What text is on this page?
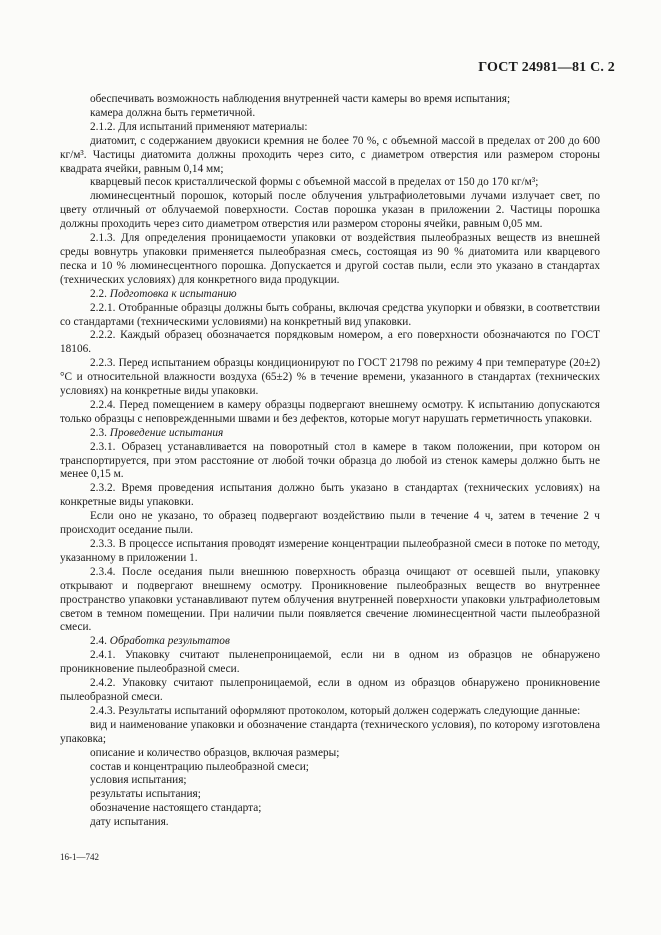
ГОСТ 24981—81 С. 2

обеспечивать возможность наблюдения внутренней части камеры во время испытания;

камера должна быть герметичной.

2.1.2. Для испытаний применяют материалы:

диатомит, с содержанием двуокиси кремния не более 70 %, с объемной массой в пределах от 200 до 600 кг/м³. Частицы диатомита должны проходить через сито, с диаметром отверстия или размером стороны квадрата ячейки, равным 0,14 мм;

кварцевый песок кристаллической формы с объемной массой в пределах от 150 до 170 кг/м³;

люминесцентный порошок, который после облучения ультрафиолетовыми лучами излучает свет, по цвету отличный от облучаемой поверхности. Состав порошка указан в приложении 2. Частицы порошка должны проходить через сито диаметром отверстия или размером стороны ячейки, равным 0,05 мм.

2.1.3. Для определения проницаемости упаковки от воздействия пылеобразных веществ из внешней среды вовнутрь упаковки применяется пылеобразная смесь, состоящая из 90 % диатомита или кварцевого песка и 10 % люминесцентного порошка. Допускается и другой состав пыли, если это указано в стандартах (технических условиях) для конкретного вида продукции.

2.2. Подготовка к испытанию

2.2.1. Отобранные образцы должны быть собраны, включая средства укупорки и обвязки, в соответствии со стандартами (техническими условиями) на конкретный вид упаковки.

2.2.2. Каждый образец обозначается порядковым номером, а его поверхности обозначаются по ГОСТ 18106.

2.2.3. Перед испытанием образцы кондиционируют по ГОСТ 21798 по режиму 4 при температуре (20±2) °С и относительной влажности воздуха (65±2) % в течение времени, указанного в стандартах (технических условиях) на конкретные виды упаковки.

2.2.4. Перед помещением в камеру образцы подвергают внешнему осмотру. К испытанию допускаются только образцы с неповрежденными швами и без дефектов, которые могут нарушать герметичность упаковки.

2.3. Проведение испытания

2.3.1. Образец устанавливается на поворотный стол в камере в таком положении, при котором он транспортируется, при этом расстояние от любой точки образца до любой из стенок камеры должно быть не менее 0,15 м.

2.3.2. Время проведения испытания должно быть указано в стандартах (технических условиях) на конкретные виды упаковки.

Если оно не указано, то образец подвергают воздействию пыли в течение 4 ч, затем в течение 2 ч происходит оседание пыли.

2.3.3. В процессе испытания проводят измерение концентрации пылеобразной смеси в потоке по методу, указанному в приложении 1.

2.3.4. После оседания пыли внешнюю поверхность образца очищают от осевшей пыли, упаковку открывают и подвергают внешнему осмотру. Проникновение пылеобразных веществ во внутреннее пространство упаковки устанавливают путем облучения внутренней поверхности упаковки ультрафиолетовым светом в темном помещении. При наличии пыли появляется свечение люминесцентной части пылеобразной смеси.

2.4. Обработка результатов

2.4.1. Упаковку считают пыленепроницаемой, если ни в одном из образцов не обнаружено проникновение пылеобразной смеси.

2.4.2. Упаковку считают пылепроницаемой, если в одном из образцов обнаружено проникновение пылеобразной смеси.

2.4.3. Результаты испытаний оформляют протоколом, который должен содержать следующие данные:

вид и наименование упаковки и обозначение стандарта (технического условия), по которому изготовлена упаковка;

описание и количество образцов, включая размеры;

состав и концентрацию пылеобразной смеси;

условия испытания;

результаты испытания;

обозначение настоящего стандарта;

дату испытания.

16-1—742
